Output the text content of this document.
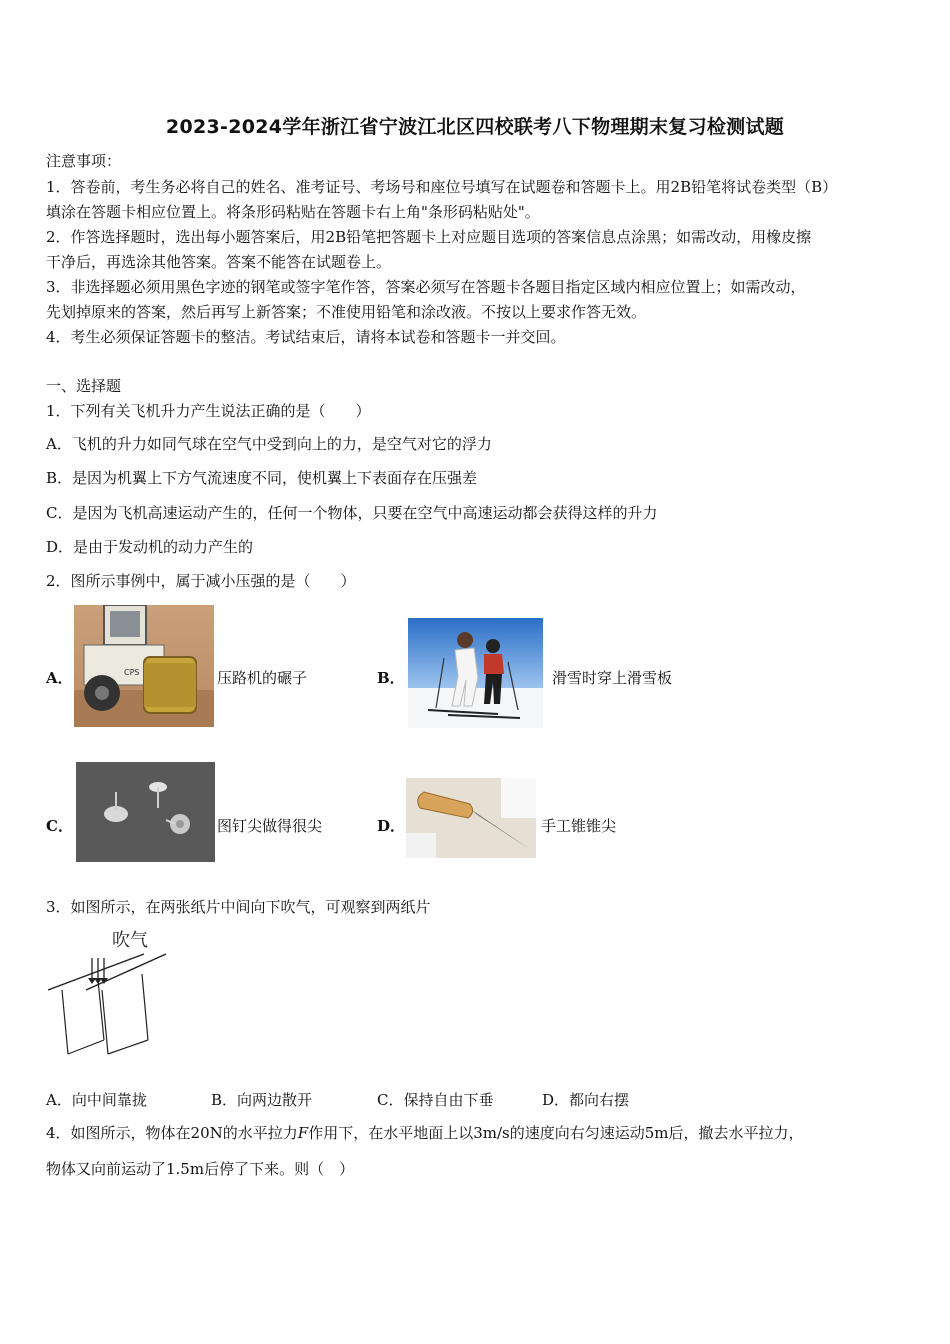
2023-2024学年浙江省宁波江北区四校联考八下物理期末复习检测试题
注意事项：
1．答卷前，考生务必将自己的姓名、准考证号、考场号和座位号填写在试题卷和答题卡上。用2B铅笔将试卷类型（B）
填涂在答题卡相应位置上。将条形码粘贴在答题卡右上角"条形码粘贴处"。
2．作答选择题时，选出每小题答案后，用2B铅笔把答题卡上对应题目选项的答案信息点涂黑；如需改动，用橡皮擦
干净后，再选涂其他答案。答案不能答在试题卷上。
3．非选择题必须用黑色字迹的钢笔或签字笔作答，答案必须写在答题卡各题目指定区域内相应位置上；如需改动，
先划掉原来的答案，然后再写上新答案；不准使用铅笔和涂改液。不按以上要求作答无效。
4．考生必须保证答题卡的整洁。考试结束后，请将本试卷和答题卡一并交回。
一、选择题
1．下列有关飞机升力产生说法正确的是（　　）
A．飞机的升力如同气球在空气中受到向上的力，是空气对它的浮力
B．是因为机翼上下方气流速度不同，使机翼上下表面存在压强差
C．是因为飞机高速运动产生的，任何一个物体，只要在空气中高速运动都会获得这样的升力
D．是由于发动机的动力产生的
2．图所示事例中，属于减小压强的是（　　）
A．	CPS	压路机的碾子	B．	滑雪时穿上滑雪板
C．	图钉尖做得很尖	D．	手工锥锥尖
3．如图所示，在两张纸片中间向下吹气，可观察到两纸片
吹气
A．向中间靠拢	B．向两边散开	C．保持自由下垂	D．都向右摆
4．如图所示，物体在20N的水平拉力F作用下，在水平地面上以3m/s的速度向右匀速运动5m后，撤去水平拉力，
物体又向前运动了1.5m后停了下来。则（　）
